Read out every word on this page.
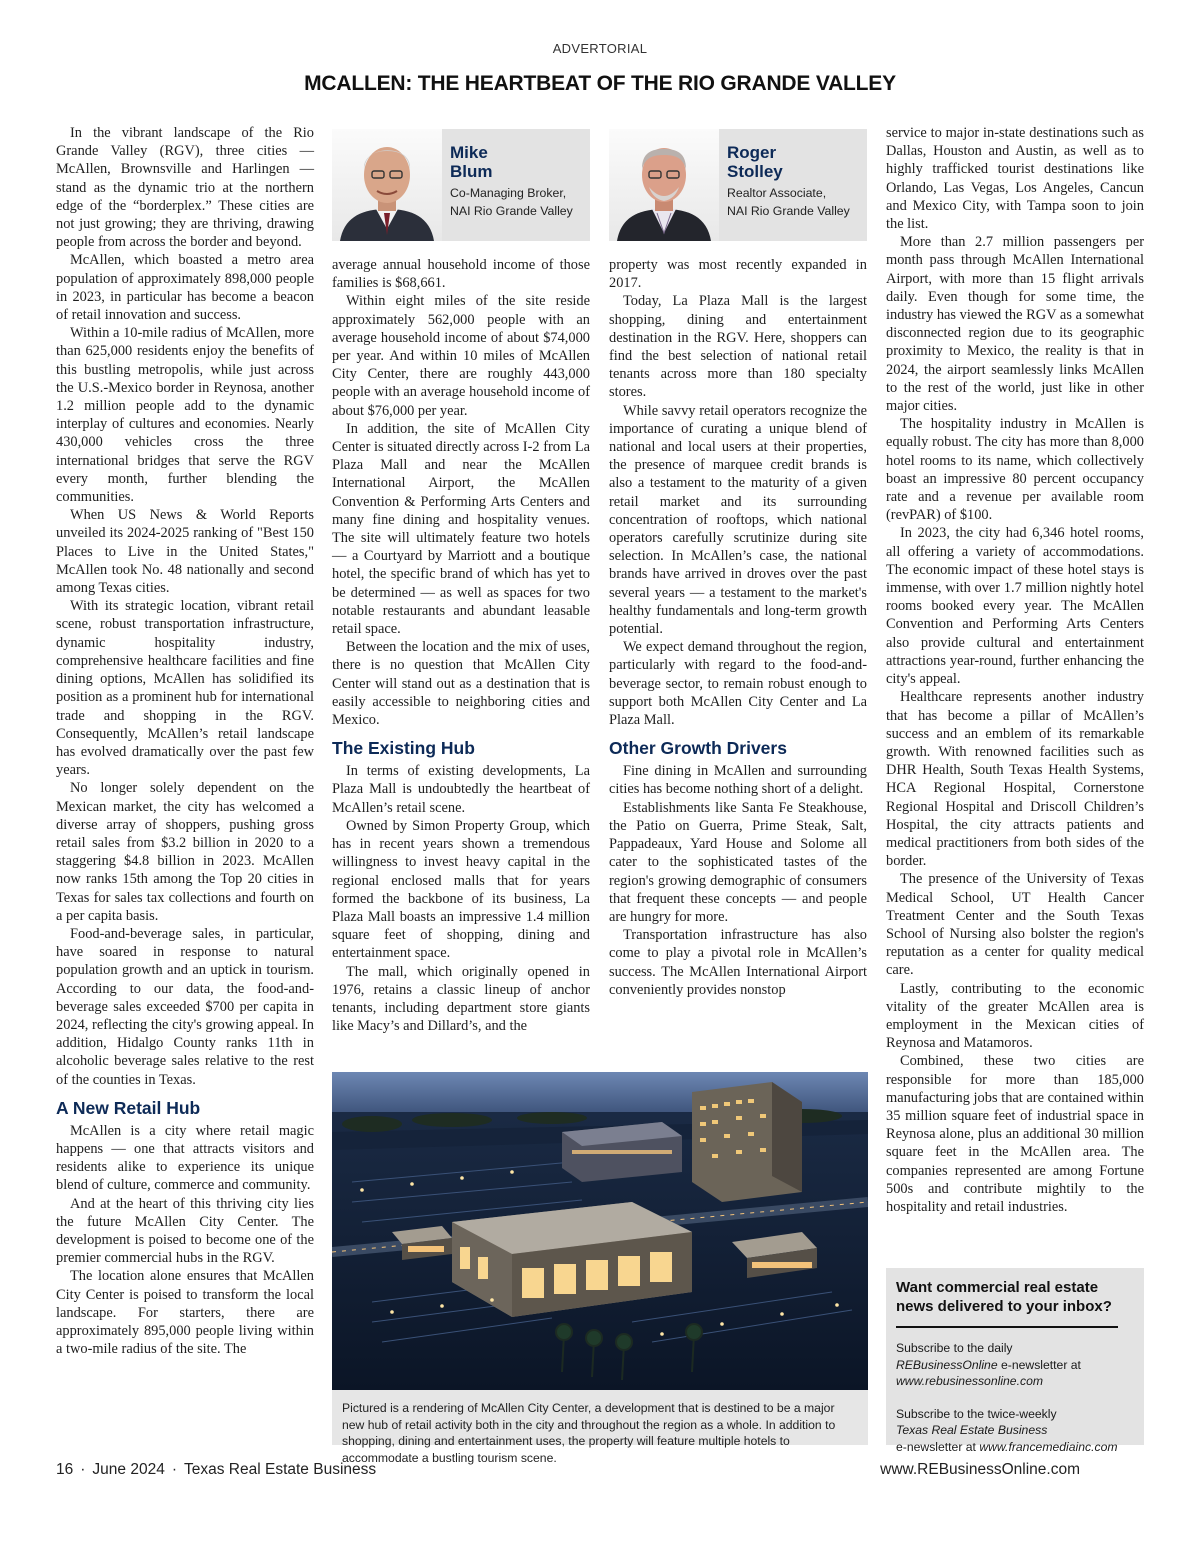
ADVERTORIAL
MCALLEN: THE HEARTBEAT OF THE RIO GRANDE VALLEY

In the vibrant landscape of the Rio Grande Valley (RGV), three cities — McAllen, Brownsville and Harlingen — stand as the dynamic trio at the northern edge of the “borderplex.” These cities are not just growing; they are thriving, drawing people from across the border and beyond.

McAllen, which boasted a metro area population of approximately 898,000 people in 2023, in particular has become a beacon of retail innovation and success.

Within a 10-mile radius of McAllen, more than 625,000 residents enjoy the benefits of this bustling metropolis, while just across the U.S.-Mexico border in Reynosa, another 1.2 million people add to the dynamic interplay of cultures and economies. Nearly 430,000 vehicles cross the three international bridges that serve the RGV every month, further blending the communities.

When US News & World Reports unveiled its 2024-2025 ranking of "Best 150 Places to Live in the United States," McAllen took No. 48 nationally and second among Texas cities.

With its strategic location, vibrant retail scene, robust transportation infrastructure, dynamic hospitality industry, comprehensive healthcare facilities and fine dining options, McAllen has solidified its position as a prominent hub for international trade and shopping in the RGV. Consequently, McAllen’s retail landscape has evolved dramatically over the past few years.

No longer solely dependent on the Mexican market, the city has welcomed a diverse array of shoppers, pushing gross retail sales from $3.2 billion in 2020 to a staggering $4.8 billion in 2023. McAllen now ranks 15th among the Top 20 cities in Texas for sales tax collections and fourth on a per capita basis.

Food-and-beverage sales, in particular, have soared in response to natural population growth and an uptick in tourism. According to our data, the food-and-beverage sales exceeded $700 per capita in 2024, reflecting the city's growing appeal. In addition, Hidalgo County ranks 11th in alcoholic beverage sales relative to the rest of the counties in Texas.

A New Retail Hub

McAllen is a city where retail magic happens — one that attracts visitors and residents alike to experience its unique blend of culture, commerce and community.

And at the heart of this thriving city lies the future McAllen City Center. The development is poised to become one of the premier commercial hubs in the RGV.

The location alone ensures that McAllen City Center is poised to transform the local landscape. For starters, there are approximately 895,000 people living within a two-mile radius of the site. The

Mike
Blum
Co-Managing Broker,
NAI Rio Grande Valley
Roger
Stolley
Realtor Associate,
NAI Rio Grande Valley

average annual household income of those families is $68,661.

Within eight miles of the site reside approximately 562,000 people with an average household income of about $74,000 per year. And within 10 miles of McAllen City Center, there are roughly 443,000 people with an average household income of about $76,000 per year.

In addition, the site of McAllen City Center is situated directly across I-2 from La Plaza Mall and near the McAllen International Airport, the McAllen Convention & Performing Arts Centers and many fine dining and hospitality venues. The site will ultimately feature two hotels — a Courtyard by Marriott and a boutique hotel, the specific brand of which has yet to be determined — as well as spaces for two notable restaurants and abundant leasable retail space.

Between the location and the mix of uses, there is no question that McAllen City Center will stand out as a destination that is easily accessible to neighboring cities and Mexico.

The Existing Hub

In terms of existing developments, La Plaza Mall is undoubtedly the heartbeat of McAllen’s retail scene.

Owned by Simon Property Group, which has in recent years shown a tremendous willingness to invest heavy capital in the regional enclosed malls that for years formed the backbone of its business, La Plaza Mall boasts an impressive 1.4 million square feet of shopping, dining and entertainment space.

The mall, which originally opened in 1976, retains a classic lineup of anchor tenants, including department store giants like Macy’s and Dillard’s, and the

property was most recently expanded in 2017.

Today, La Plaza Mall is the largest shopping, dining and entertainment destination in the RGV. Here, shoppers can find the best selection of national retail tenants across more than 180 specialty stores.

While savvy retail operators recognize the importance of curating a unique blend of national and local users at their properties, the presence of marquee credit brands is also a testament to the maturity of a given retail market and its surrounding concentration of rooftops, which national operators carefully scrutinize during site selection. In McAllen’s case, the national brands have arrived in droves over the past several years — a testament to the market's healthy fundamentals and long-term growth potential.

We expect demand throughout the region, particularly with regard to the food-and-beverage sector, to remain robust enough to support both McAllen City Center and La Plaza Mall.

Other Growth Drivers

Fine dining in McAllen and surrounding cities has become nothing short of a delight.

Establishments like Santa Fe Steakhouse, the Patio on Guerra, Prime Steak, Salt, Pappadeaux, Yard House and Solome all cater to the sophisticated tastes of the region's growing demographic of consumers that frequent these concepts — and people are hungry for more.

Transportation infrastructure has also come to play a pivotal role in McAllen’s success. The McAllen International Airport conveniently provides nonstop

service to major in-state destinations such as Dallas, Houston and Austin, as well as to highly trafficked tourist destinations like Orlando, Las Vegas, Los Angeles, Cancun and Mexico City, with Tampa soon to join the list.

More than 2.7 million passengers per month pass through McAllen International Airport, with more than 15 flight arrivals daily. Even though for some time, the industry has viewed the RGV as a somewhat disconnected region due to its geographic proximity to Mexico, the reality is that in 2024, the airport seamlessly links McAllen to the rest of the world, just like in other major cities.

The hospitality industry in McAllen is equally robust. The city has more than 8,000 hotel rooms to its name, which collectively boast an impressive 80 percent occupancy rate and a revenue per available room (revPAR) of $100.

In 2023, the city had 6,346 hotel rooms, all offering a variety of accommodations. The economic impact of these hotel stays is immense, with over 1.7 million nightly hotel rooms booked every year. The McAllen Convention and Performing Arts Centers also provide cultural and entertainment attractions year-round, further enhancing the city's appeal.

Healthcare represents another industry that has become a pillar of McAllen’s success and an emblem of its remarkable growth. With renowned facilities such as DHR Health, South Texas Health Systems, HCA Regional Hospital, Cornerstone Regional Hospital and Driscoll Children’s Hospital, the city attracts patients and medical practitioners from both sides of the border.

The presence of the University of Texas Medical School, UT Health Cancer Treatment Center and the South Texas School of Nursing also bolster the region's reputation as a center for quality medical care.

Lastly, contributing to the economic vitality of the greater McAllen area is employment in the Mexican cities of Reynosa and Matamoros.

Combined, these two cities are responsible for more than 185,000 manufacturing jobs that are contained within 35 million square feet of industrial space in Reynosa alone, plus an additional 30 million square feet in the McAllen area. The companies represented are among Fortune 500s and contribute mightily to the hospitality and retail industries.

Pictured is a rendering of McAllen City Center, a development that is destined to be a major new hub of retail activity both in the city and throughout the region as a whole. In addition to shopping, dining and entertainment uses, the property will feature multiple hotels to accommodate a bustling tourism scene.
Want commercial real estate news delivered to your inbox?
Subscribe to the daily
REBusinessOnline e-newsletter at
www.rebusinessonline.com
Subscribe to the twice-weekly
Texas Real Estate Business
e-newsletter at www.francemediainc.com
16 · June 2024 · Texas Real Estate Business	www.REBusinessOnline.com
